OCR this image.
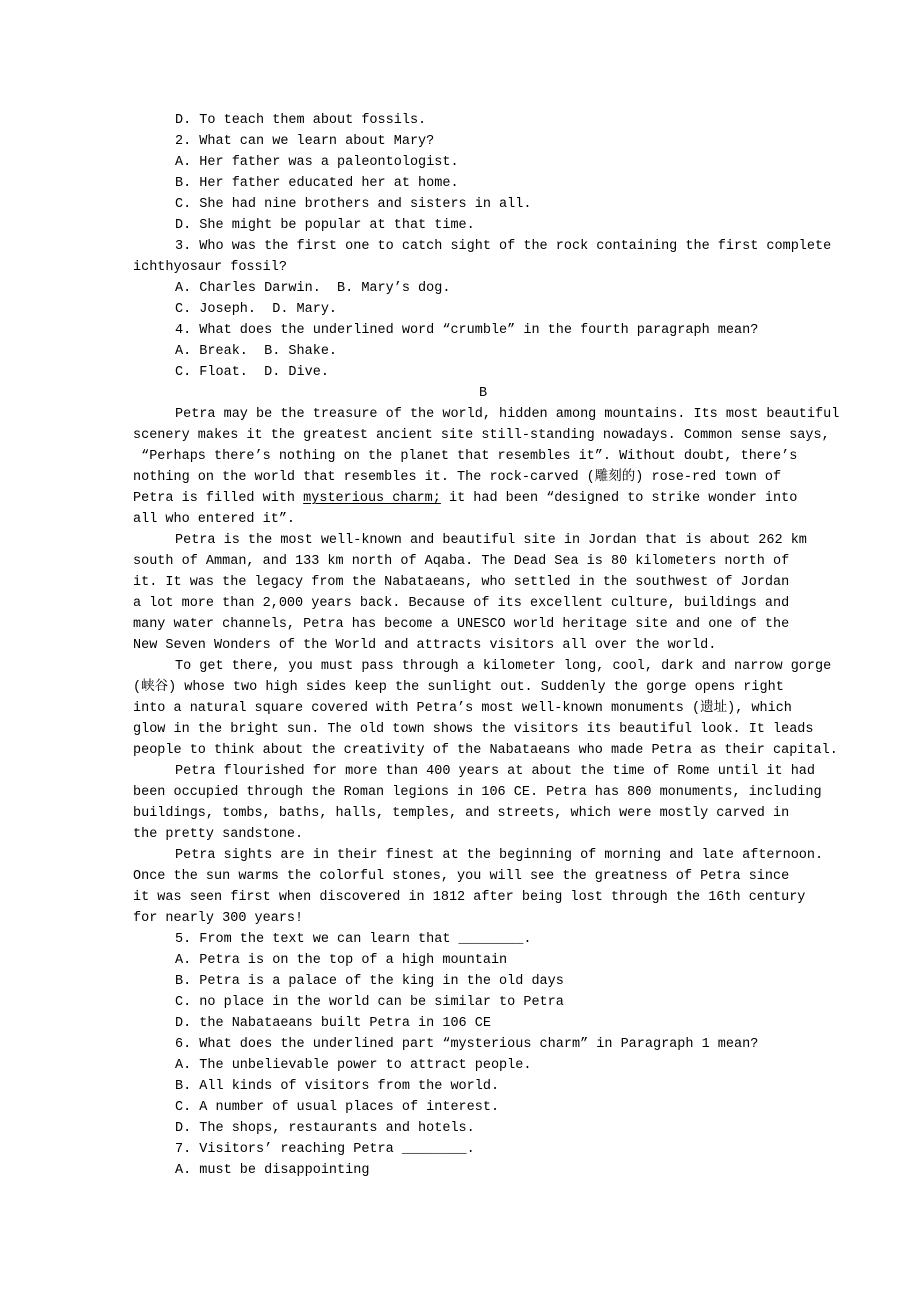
D. To teach them about fossils.
2. What can we learn about Mary?
A. Her father was a paleontologist.
B. Her father educated her at home.
C. She had nine brothers and sisters in all.
D. She might be popular at that time.
3. Who was the first one to catch sight of the rock containing the first complete
ichthyosaur fossil?
A. Charles Darwin.  B. Mary’s dog.
C. Joseph.  D. Mary.
4. What does the underlined word “crumble” in the fourth paragraph mean?
A. Break.  B. Shake.
C. Float.  D. Dive.
B
Petra may be the treasure of the world, hidden among mountains. Its most beautiful
scenery makes it the greatest ancient site still-standing nowadays. Common sense says,
“Perhaps there’s nothing on the planet that resembles it”. Without doubt, there’s
nothing on the world that resembles it. The rock-carved (雕刻的) rose-red town of
Petra is filled with mysterious charm; it had been “designed to strike wonder into
all who entered it”.
Petra is the most well-known and beautiful site in Jordan that is about 262 km
south of Amman, and 133 km north of Aqaba. The Dead Sea is 80 kilometers north of
it. It was the legacy from the Nabataeans, who settled in the southwest of Jordan
a lot more than 2,000 years back. Because of its excellent culture, buildings and
many water channels, Petra has become a UNESCO world heritage site and one of the
New Seven Wonders of the World and attracts visitors all over the world.
To get there, you must pass through a kilometer long, cool, dark and narrow gorge
(峡谷) whose two high sides keep the sunlight out. Suddenly the gorge opens right
into a natural square covered with Petra’s most well-known monuments (遗址), which
glow in the bright sun. The old town shows the visitors its beautiful look. It leads
people to think about the creativity of the Nabataeans who made Petra as their capital.
Petra flourished for more than 400 years at about the time of Rome until it had
been occupied through the Roman legions in 106 CE. Petra has 800 monuments, including
buildings, tombs, baths, halls, temples, and streets, which were mostly carved in
the pretty sandstone.
Petra sights are in their finest at the beginning of morning and late afternoon.
Once the sun warms the colorful stones, you will see the greatness of Petra since
it was seen first when discovered in 1812 after being lost through the 16th century
for nearly 300 years!
5. From the text we can learn that ________.
A. Petra is on the top of a high mountain
B. Petra is a palace of the king in the old days
C. no place in the world can be similar to Petra
D. the Nabataeans built Petra in 106 CE
6. What does the underlined part “mysterious charm” in Paragraph 1 mean?
A. The unbelievable power to attract people.
B. All kinds of visitors from the world.
C. A number of usual places of interest.
D. The shops, restaurants and hotels.
7. Visitors’ reaching Petra ________.
A. must be disappointing
